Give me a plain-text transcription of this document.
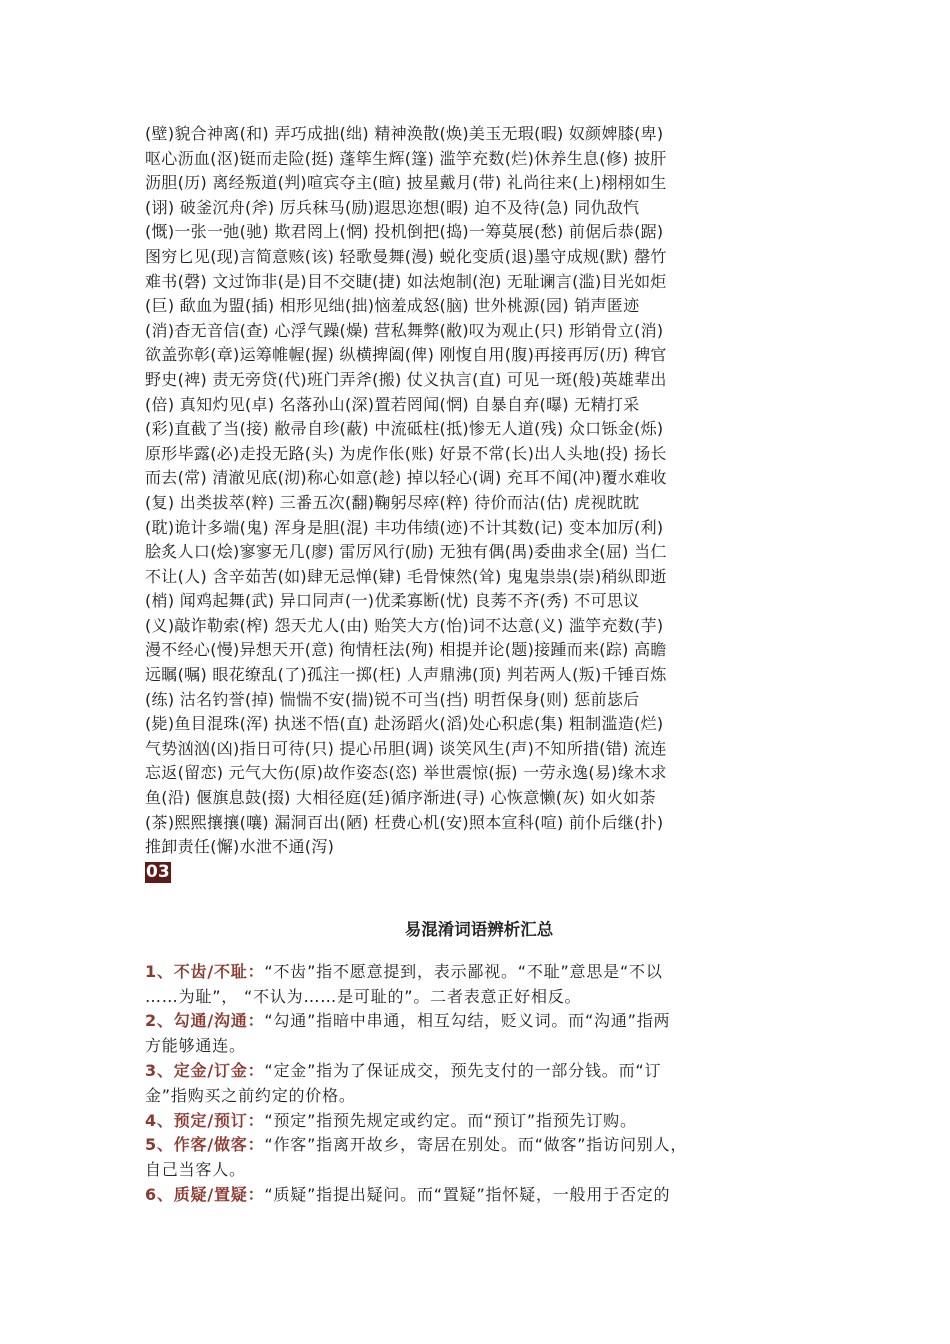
(壁)貌合神离(和) 弄巧成拙(绌) 精神涣散(焕)美玉无瑕(暇) 奴颜婢膝(卑)
呕心沥血(沤)铤而走险(挺) 蓬筚生辉(篷) 滥竽充数(烂)休养生息(修) 披肝
沥胆(历) 离经叛道(判)喧宾夺主(暄) 披星戴月(带) 礼尚往来(上)栩栩如生
(诩) 破釜沉舟(斧) 厉兵秣马(励)遐思迩想(暇) 迫不及待(急) 同仇敌忾
(慨)一张一弛(驰) 欺君罔上(惘) 投机倒把(捣)一筹莫展(愁) 前倨后恭(踞)
图穷匕见(现)言简意赅(该) 轻歌曼舞(漫) 蜕化变质(退)墨守成规(默) 罄竹
难书(磬) 文过饰非(是)目不交睫(捷) 如法炮制(泡) 无耻谰言(滥)目光如炬
(巨) 歃血为盟(插) 相形见绌(拙)恼羞成怒(脑) 世外桃源(园) 销声匿迹
(消)杳无音信(查) 心浮气躁(燥) 营私舞弊(敝)叹为观止(只) 形销骨立(消)
欲盖弥彰(章)运筹帷幄(握) 纵横捭阖(俾) 刚愎自用(腹)再接再厉(历) 稗官
野史(裨) 责无旁贷(代)班门弄斧(搬) 仗义执言(直) 可见一斑(般)英雄辈出
(倍) 真知灼见(卓) 名落孙山(深)置若罔闻(惘) 自暴自弃(曝) 无精打采
(彩)直截了当(接) 敝帚自珍(蔽) 中流砥柱(抵)惨无人道(残) 众口铄金(烁)
原形毕露(必)走投无路(头) 为虎作伥(账) 好景不常(长)出人头地(投) 扬长
而去(常) 清澈见底(沏)称心如意(趁) 掉以轻心(调) 充耳不闻(冲)覆水难收
(复) 出类拔萃(粹) 三番五次(翻)鞠躬尽瘁(粹) 待价而沽(估) 虎视眈眈
(耽)诡计多端(鬼) 浑身是胆(混) 丰功伟绩(迹)不计其数(记) 变本加厉(利)
脍炙人口(烩)寥寥无几(廖) 雷厉风行(励) 无独有偶(禺)委曲求全(屈) 当仁
不让(人) 含辛茹苦(如)肆无忌惮(肄) 毛骨悚然(耸) 鬼鬼祟祟(崇)稍纵即逝
(梢) 闻鸡起舞(武) 异口同声(一)优柔寡断(忧) 良莠不齐(秀) 不可思议
(义)敲诈勒索(榨) 怨天尤人(由) 贻笑大方(怡)词不达意(义) 滥竽充数(芋)
漫不经心(慢)异想天开(意) 徇情枉法(殉) 相提并论(题)接踵而来(踪) 高瞻
远瞩(嘱) 眼花缭乱(了)孤注一掷(枉) 人声鼎沸(顶) 判若两人(叛)千锤百炼
(练) 沽名钓誉(掉) 惴惴不安(揣)锐不可当(挡) 明哲保身(则) 惩前毖后
(毙)鱼目混珠(浑) 执迷不悟(直) 赴汤蹈火(滔)处心积虑(集) 粗制滥造(烂)
气势汹汹(凶)指日可待(只) 提心吊胆(调) 谈笑风生(声)不知所措(错) 流连
忘返(留恋) 元气大伤(原)故作姿态(恣) 举世震惊(振) 一劳永逸(易)缘木求
鱼(沿) 偃旗息鼓(掇) 大相径庭(廷)循序渐进(寻) 心恢意懒(灰) 如火如荼
(茶)熙熙攘攘(嚷) 漏洞百出(陋) 枉费心机(安)照本宣科(喧) 前仆后继(扑)
推卸责任(懈)水泄不通(泻)
03
易混淆词语辨析汇总
1、不齿/不耻：“不齿”指不愿意提到，表示鄙视。“不耻”意思是“不以
……为耻”， “不认为……是可耻的”。二者表意正好相反。
2、勾通/沟通：“勾通”指暗中串通，相互勾结，贬义词。而“沟通”指两
方能够通连。
3、定金/订金：“定金”指为了保证成交，预先支付的一部分钱。而“订
金”指购买之前约定的价格。
4、预定/预订：“预定”指预先规定或约定。而“预订”指预先订购。
5、作客/做客：“作客”指离开故乡，寄居在别处。而“做客”指访问别人，
自己当客人。
6、质疑/置疑：“质疑”指提出疑问。而“置疑”指怀疑，一般用于否定的
